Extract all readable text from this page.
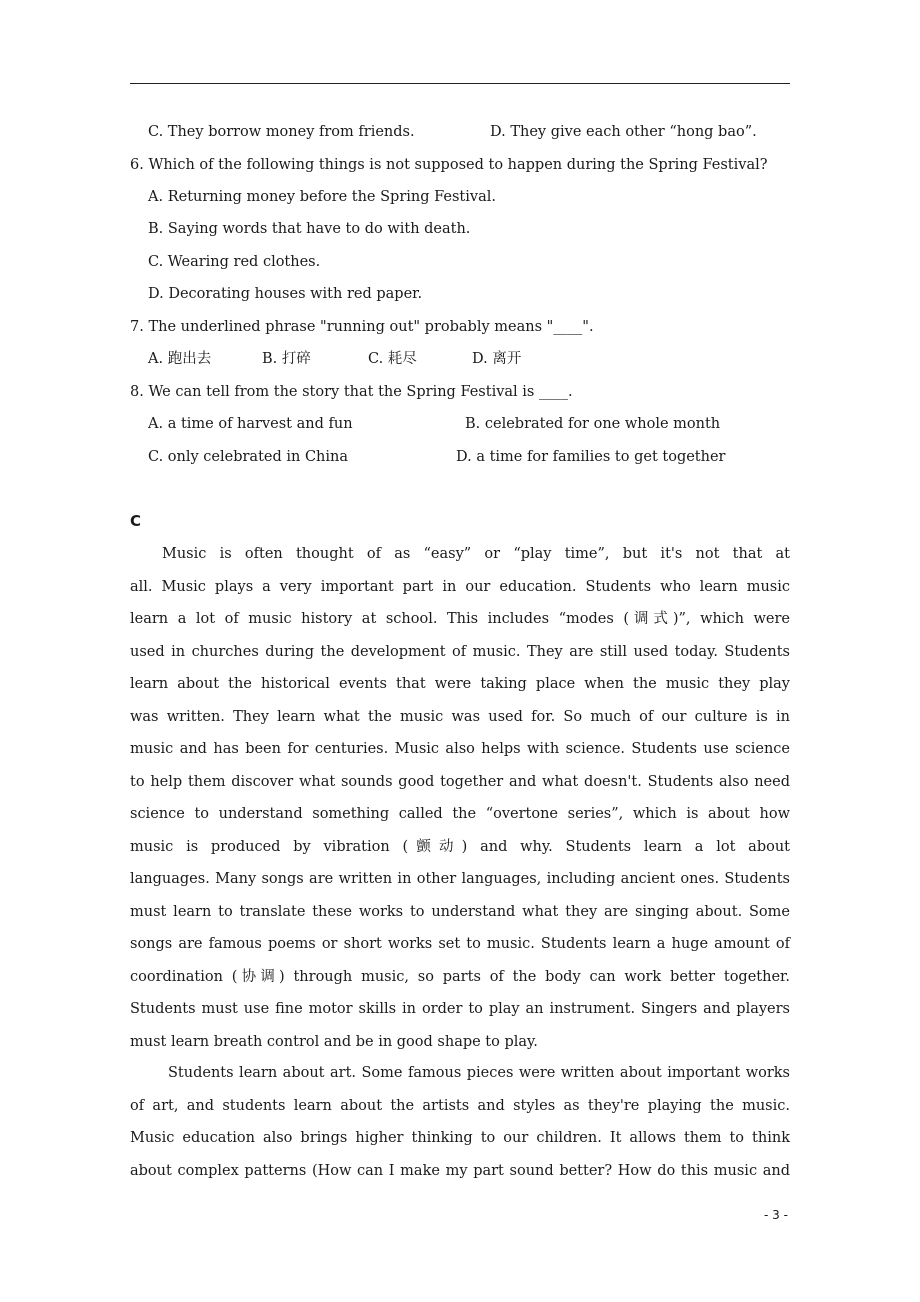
C. They borrow money from friends.	D. They give each other “hong bao”.
6. Which of the following things is not supposed to happen during the Spring Festival?
A. Returning money before the Spring Festival.
B. Saying words that have to do with death.
C. Wearing red clothes.
D. Decorating houses with red paper.
7. The underlined phrase "running out" probably means "____".
A. 跑出去	B. 打碎	C. 耗尽	D. 离开
8. We can tell from the story that the Spring Festival is ____.
A. a time of harvest and fun	B. celebrated for one whole month
C. only celebrated in China	D. a time for families to get together
C
Music is often thought of as “easy” or “play time”, but it's not that at
all. Music plays a very important part in our education. Students who learn music
learn a lot of music history at school. This includes “modes (调式)”, which were
used in churches during the development of music. They are still used today. Students
learn about the historical events that were taking place when the music they play
was written. They learn what the music was used for. So much of our culture is in
music and has been for centuries. Music also helps with science. Students use science
to help them discover what sounds good together and what doesn't. Students also need
science to understand something called the “overtone series”, which is about how
music is produced by vibration (颤动) and why. Students learn a lot about
languages. Many songs are written in other languages, including ancient ones. Students
must learn to translate these works to understand what they are singing about. Some
songs are famous poems or short works set to music. Students learn a huge amount of
coordination (协调) through music, so parts of the body can work better together.
Students must use fine motor skills in order to play an instrument. Singers and players
must learn breath control and be in good shape to play.
Students learn about art. Some famous pieces were written about important works
of art, and students learn about the artists and styles as they're playing the music.
Music education also brings higher thinking to our children. It allows them to think
about complex patterns (How can I make my part sound better? How do this music and
- 3 -
